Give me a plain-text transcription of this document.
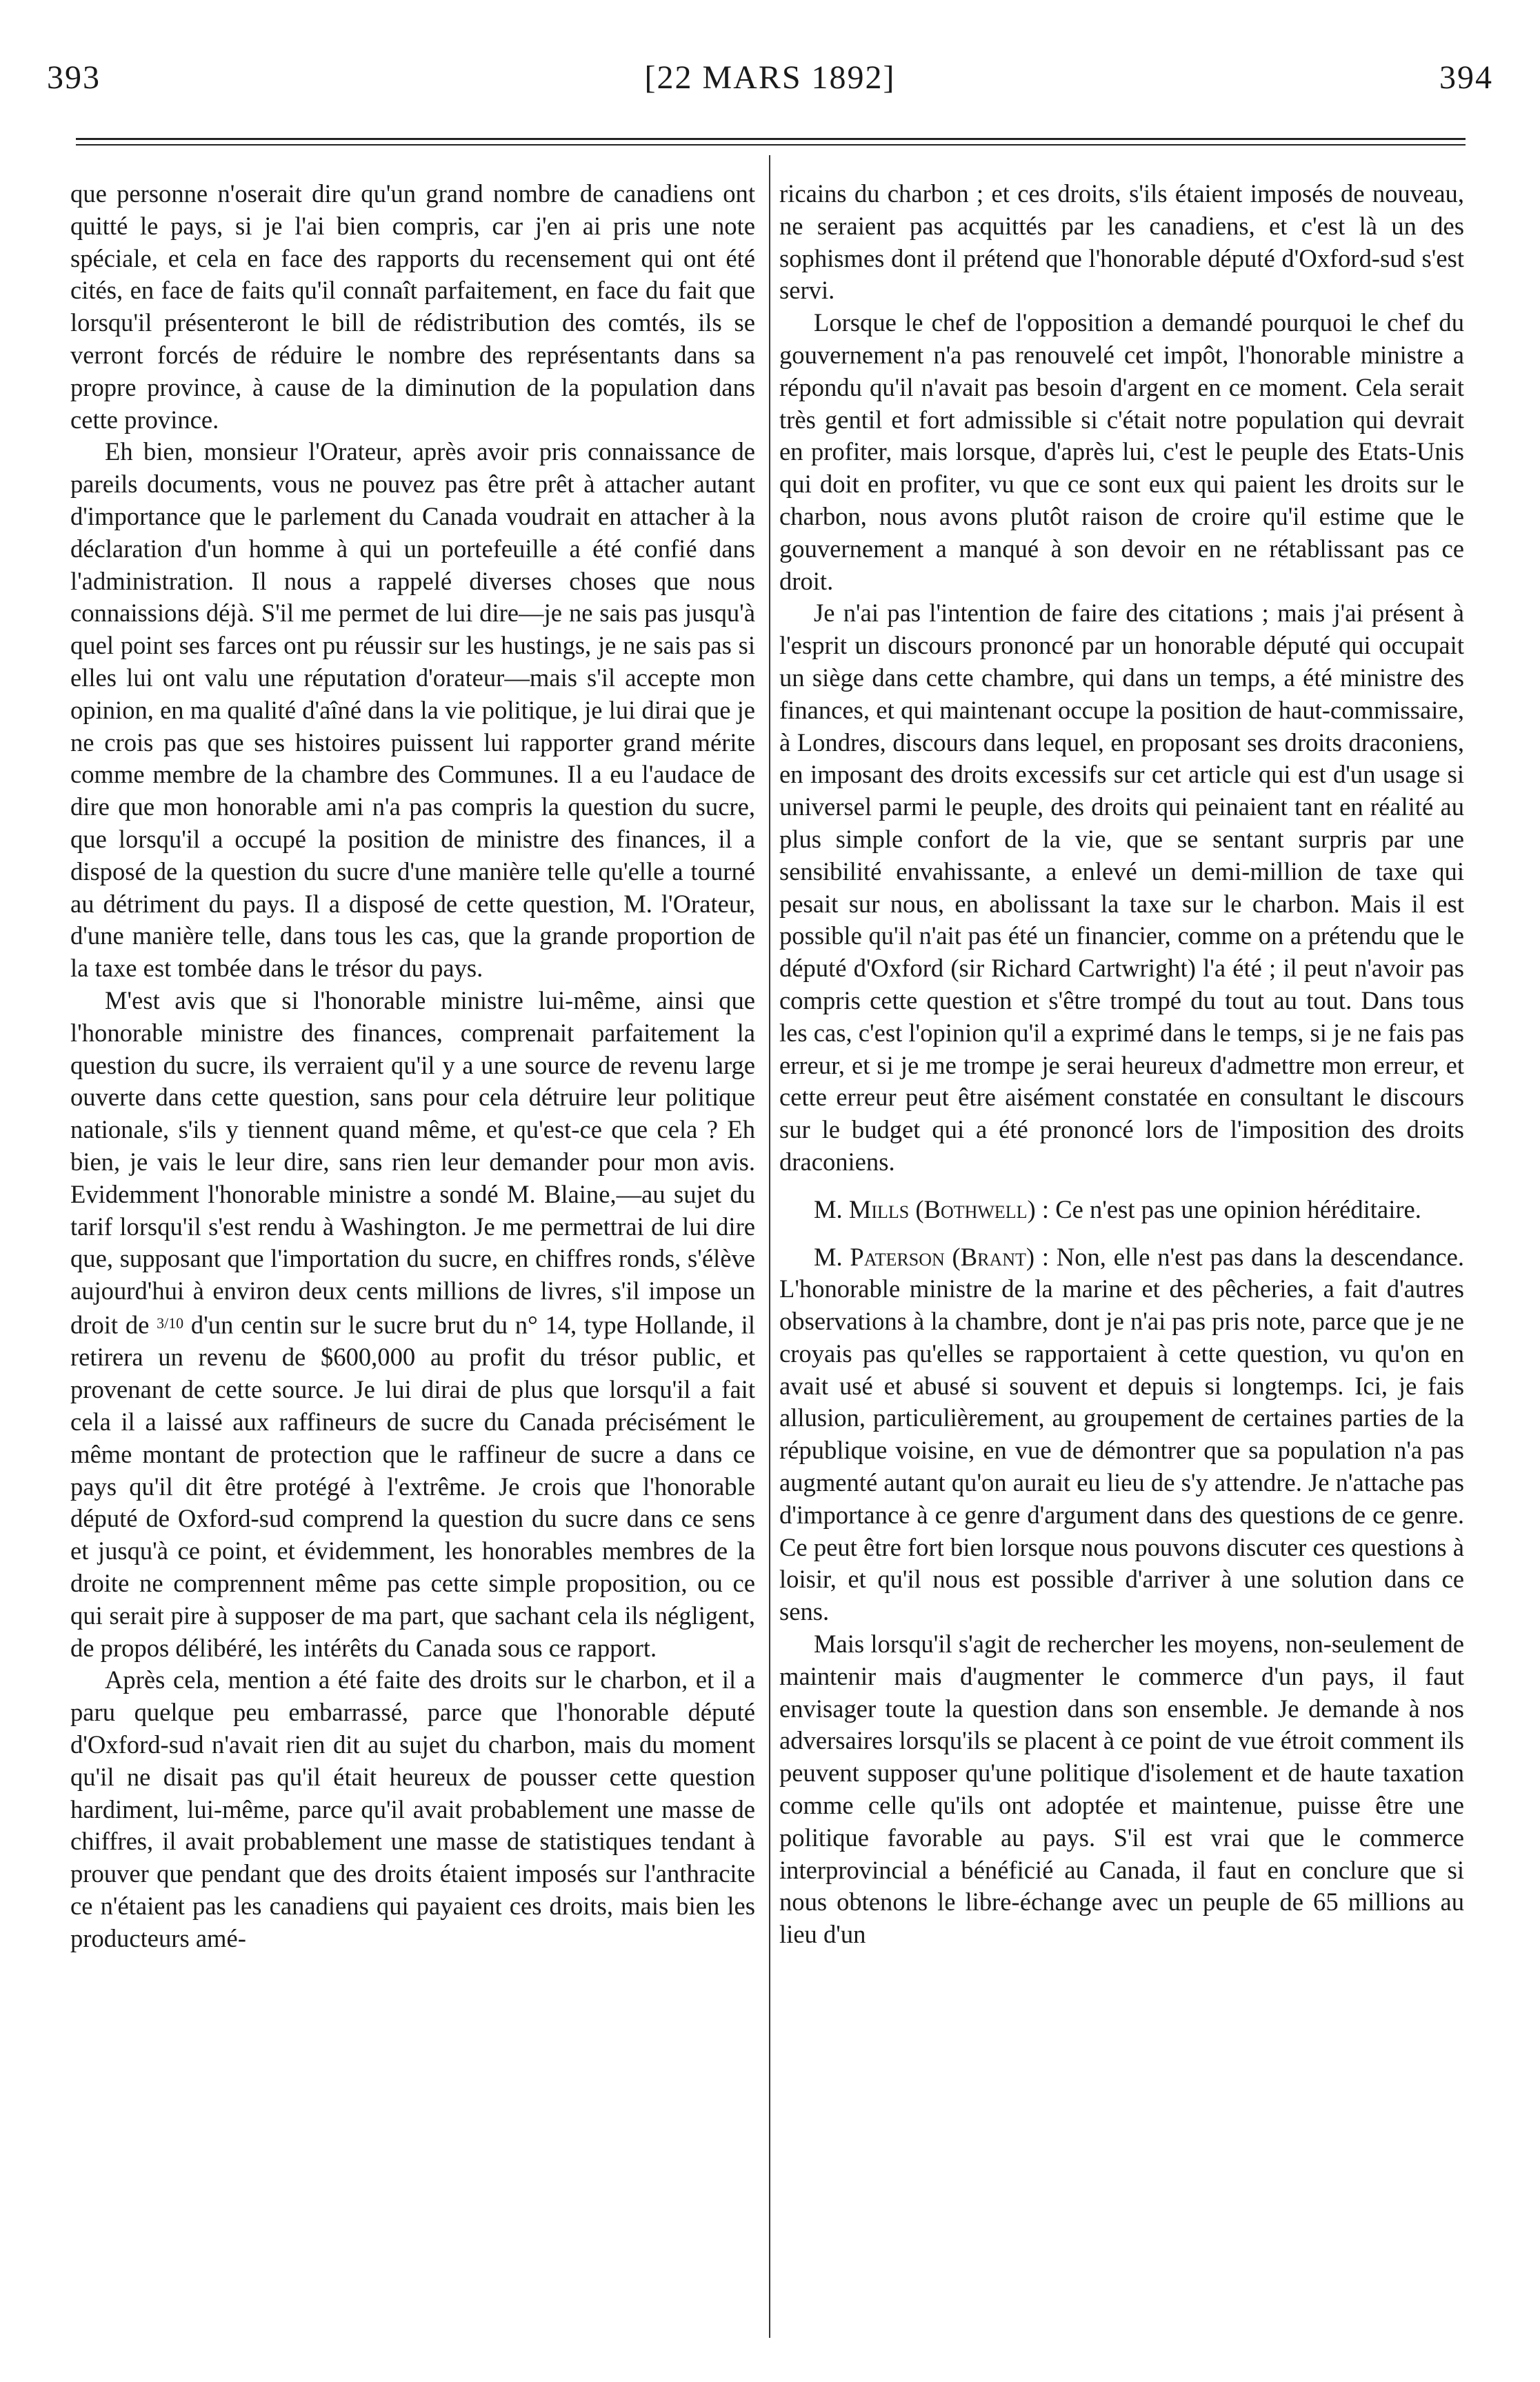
393	[22 MARS 1892]	394

que personne n'oserait dire qu'un grand nombre de canadiens ont quitté le pays, si je l'ai bien compris, car j'en ai pris une note spéciale, et cela en face des rapports du recensement qui ont été cités, en face de faits qu'il connaît parfaitement, en face du fait que lorsqu'il présenteront le bill de rédistribution des comtés, ils se verront forcés de réduire le nombre des représentants dans sa propre province, à cause de la diminution de la population dans cette province.

Eh bien, monsieur l'Orateur, après avoir pris connaissance de pareils documents, vous ne pouvez pas être prêt à attacher autant d'importance que le parlement du Canada voudrait en attacher à la déclaration d'un homme à qui un portefeuille a été confié dans l'administration. Il nous a rappelé diverses choses que nous connaissions déjà. S'il me permet de lui dire—je ne sais pas jusqu'à quel point ses farces ont pu réussir sur les hustings, je ne sais pas si elles lui ont valu une réputation d'orateur—mais s'il accepte mon opinion, en ma qualité d'aîné dans la vie politique, je lui dirai que je ne crois pas que ses histoires puissent lui rapporter grand mérite comme membre de la chambre des Communes. Il a eu l'audace de dire que mon honorable ami n'a pas compris la question du sucre, que lorsqu'il a occupé la position de ministre des finances, il a disposé de la question du sucre d'une manière telle qu'elle a tourné au détriment du pays. Il a disposé de cette question, M. l'Orateur, d'une manière telle, dans tous les cas, que la grande proportion de la taxe est tombée dans le trésor du pays.

M'est avis que si l'honorable ministre lui-même, ainsi que l'honorable ministre des finances, comprenait parfaitement la question du sucre, ils verraient qu'il y a une source de revenu large ouverte dans cette question, sans pour cela détruire leur politique nationale, s'ils y tiennent quand même, et qu'est-ce que cela ? Eh bien, je vais le leur dire, sans rien leur demander pour mon avis. Evidemment l'honorable ministre a sondé M. Blaine,—au sujet du tarif lorsqu'il s'est rendu à Washington. Je me permettrai de lui dire que, supposant que l'importation du sucre, en chiffres ronds, s'élève aujourd'hui à environ deux cents millions de livres, s'il impose un droit de $^{3/10}$ d'un centin sur le sucre brut du n° 14, type Hollande, il retirera un revenu de $600,000 au profit du trésor public, et provenant de cette source. Je lui dirai de plus que lorsqu'il a fait cela il a laissé aux raffineurs de sucre du Canada précisément le même montant de protection que le raffineur de sucre a dans ce pays qu'il dit être protégé à l'extrême. Je crois que l'honorable député de Oxford-sud comprend la question du sucre dans ce sens et jusqu'à ce point, et évidemment, les honorables membres de la droite ne comprennent même pas cette simple proposition, ou ce qui serait pire à supposer de ma part, que sachant cela ils négligent, de propos délibéré, les intérêts du Canada sous ce rapport.

Après cela, mention a été faite des droits sur le charbon, et il a paru quelque peu embarrassé, parce que l'honorable député d'Oxford-sud n'avait rien dit au sujet du charbon, mais du moment qu'il ne disait pas qu'il était heureux de pousser cette question hardiment, lui-même, parce qu'il avait probablement une masse de chiffres, il avait probablement une masse de statistiques tendant à prouver que pendant que des droits étaient imposés sur l'anthracite ce n'étaient pas les canadiens qui payaient ces droits, mais bien les producteurs amé-

ricains du charbon ; et ces droits, s'ils étaient imposés de nouveau, ne seraient pas acquittés par les canadiens, et c'est là un des sophismes dont il prétend que l'honorable député d'Oxford-sud s'est servi.

Lorsque le chef de l'opposition a demandé pourquoi le chef du gouvernement n'a pas renouvelé cet impôt, l'honorable ministre a répondu qu'il n'avait pas besoin d'argent en ce moment. Cela serait très gentil et fort admissible si c'était notre population qui devrait en profiter, mais lorsque, d'après lui, c'est le peuple des Etats-Unis qui doit en profiter, vu que ce sont eux qui paient les droits sur le charbon, nous avons plutôt raison de croire qu'il estime que le gouvernement a manqué à son devoir en ne rétablissant pas ce droit.

Je n'ai pas l'intention de faire des citations ; mais j'ai présent à l'esprit un discours prononcé par un honorable député qui occupait un siège dans cette chambre, qui dans un temps, a été ministre des finances, et qui maintenant occupe la position de haut-commissaire, à Londres, discours dans lequel, en proposant ses droits draconiens, en imposant des droits excessifs sur cet article qui est d'un usage si universel parmi le peuple, des droits qui peinaient tant en réalité au plus simple confort de la vie, que se sentant surpris par une sensibilité envahissante, a enlevé un demi-million de taxe qui pesait sur nous, en abolissant la taxe sur le charbon. Mais il est possible qu'il n'ait pas été un financier, comme on a prétendu que le député d'Oxford (sir Richard Cartwright) l'a été ; il peut n'avoir pas compris cette question et s'être trompé du tout au tout. Dans tous les cas, c'est l'opinion qu'il a exprimé dans le temps, si je ne fais pas erreur, et si je me trompe je serai heureux d'admettre mon erreur, et cette erreur peut être aisément constatée en consultant le discours sur le budget qui a été prononcé lors de l'imposition des droits draconiens.

M. Mills (Bothwell) : Ce n'est pas une opinion héréditaire.

M. Paterson (Brant) : Non, elle n'est pas dans la descendance. L'honorable ministre de la marine et des pêcheries, a fait d'autres observations à la chambre, dont je n'ai pas pris note, parce que je ne croyais pas qu'elles se rapportaient à cette question, vu qu'on en avait usé et abusé si souvent et depuis si longtemps. Ici, je fais allusion, particulièrement, au groupement de certaines parties de la république voisine, en vue de démontrer que sa population n'a pas augmenté autant qu'on aurait eu lieu de s'y attendre. Je n'attache pas d'importance à ce genre d'argument dans des questions de ce genre. Ce peut être fort bien lorsque nous pouvons discuter ces questions à loisir, et qu'il nous est possible d'arriver à une solution dans ce sens.

Mais lorsqu'il s'agit de rechercher les moyens, non-seulement de maintenir mais d'augmenter le commerce d'un pays, il faut envisager toute la question dans son ensemble. Je demande à nos adversaires lorsqu'ils se placent à ce point de vue étroit comment ils peuvent supposer qu'une politique d'isolement et de haute taxation comme celle qu'ils ont adoptée et maintenue, puisse être une politique favorable au pays. S'il est vrai que le commerce interprovincial a bénéficié au Canada, il faut en conclure que si nous obtenons le libre-échange avec un peuple de 65 millions au lieu d'un
